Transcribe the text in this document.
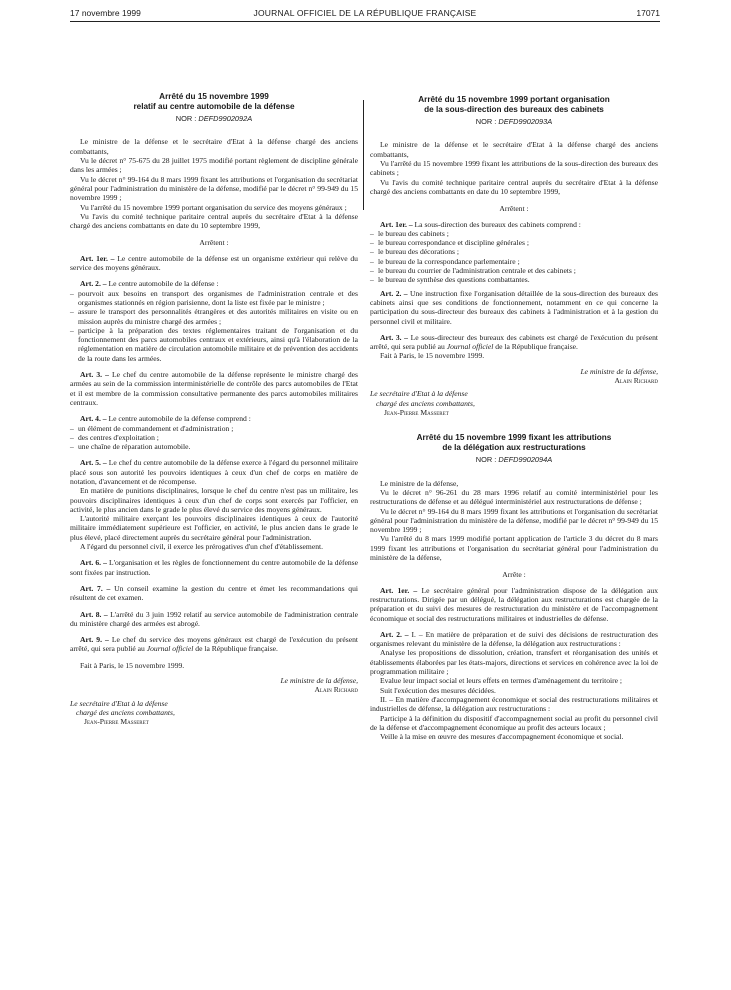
17 novembre 1999	JOURNAL OFFICIEL DE LA RÉPUBLIQUE FRANÇAISE	17071
Arrêté du 15 novembre 1999
relatif au centre automobile de la défense
NOR : DEFD9902092A

Le ministre de la défense et le secrétaire d'Etat à la défense chargé des anciens combattants,

Vu le décret n° 75-675 du 28 juillet 1975 modifié portant règlement de discipline générale dans les armées ;

Vu le décret n° 99-164 du 8 mars 1999 fixant les attributions et l'organisation du secrétariat général pour l'administration du ministère de la défense, modifié par le décret n° 99-949 du 15 novembre 1999 ;

Vu l'arrêté du 15 novembre 1999 portant organisation du service des moyens généraux ;

Vu l'avis du comité technique paritaire central auprès du secrétaire d'Etat à la défense chargé des anciens combattants en date du 10 septembre 1999,

Arrêtent :

Art. 1er. – Le centre automobile de la défense est un organisme extérieur qui relève du service des moyens généraux.

Art. 2. – Le centre automobile de la défense :

– pourvoit aux besoins en transport des organismes de l'administration centrale et des organismes stationnés en région parisienne, dont la liste est fixée par le ministre ;
– assure le transport des personnalités étrangères et des autorités militaires en visite ou en mission auprès du ministre chargé des armées ;
– participe à la préparation des textes réglementaires traitant de l'organisation et du fonctionnement des parcs automobiles centraux et extérieurs, ainsi qu'à l'élaboration de la réglementation en matière de circulation automobile militaire et de prévention des accidents de la route dans les armées.

Art. 3. – Le chef du centre automobile de la défense représente le ministre chargé des armées au sein de la commission interministérielle de contrôle des parcs automobiles de l'Etat et il est membre de la commission consultative permanente des parcs automobiles militaires centraux.

Art. 4. – Le centre automobile de la défense comprend :

– un élément de commandement et d'administration ;
– des centres d'exploitation ;
– une chaîne de réparation automobile.

Art. 5. – Le chef du centre automobile de la défense exerce à l'égard du personnel militaire placé sous son autorité les pouvoirs identiques à ceux d'un chef de corps en matière de notation, d'avancement et de récompense.

En matière de punitions disciplinaires, lorsque le chef du centre n'est pas un militaire, les pouvoirs disciplinaires identiques à ceux d'un chef de corps sont exercés par l'officier, en activité, le plus ancien dans le grade le plus élevé du service des moyens généraux.

L'autorité militaire exerçant les pouvoirs disciplinaires identiques à ceux de l'autorité militaire immédiatement supérieure est l'officier, en activité, le plus ancien dans le grade le plus élevé, placé directement auprès du secrétaire général pour l'administration.

A l'égard du personnel civil, il exerce les prérogatives d'un chef d'établissement.

Art. 6. – L'organisation et les règles de fonctionnement du centre automobile de la défense sont fixées par instruction.

Art. 7. – Un conseil examine la gestion du centre et émet les recommandations qui résultent de cet examen.

Art. 8. – L'arrêté du 3 juin 1992 relatif au service automobile de l'administration centrale du ministère chargé des armées est abrogé.

Art. 9. – Le chef du service des moyens généraux est chargé de l'exécution du présent arrêté, qui sera publié au Journal officiel de la République française.

Fait à Paris, le 15 novembre 1999.

Le ministre de la défense,
Alain Richard
Le secrétaire d'Etat à la défense
chargé des anciens combattants,
Jean-Pierre Masseret
Arrêté du 15 novembre 1999 portant organisation
de la sous-direction des bureaux des cabinets
NOR : DEFD9902093A

Le ministre de la défense et le secrétaire d'Etat à la défense chargé des anciens combattants,

Vu l'arrêté du 15 novembre 1999 fixant les attributions de la sous-direction des bureaux des cabinets ;

Vu l'avis du comité technique paritaire central auprès du secrétaire d'Etat à la défense chargé des anciens combattants en date du 10 septembre 1999,

Arrêtent :

Art. 1er. – La sous-direction des bureaux des cabinets comprend :

– le bureau des cabinets ;
– le bureau correspondance et discipline générales ;
– le bureau des décorations ;
– le bureau de la correspondance parlementaire ;
– le bureau du courrier de l'administration centrale et des cabinets ;
– le bureau de synthèse des questions combattantes.

Art. 2. – Une instruction fixe l'organisation détaillée de la sous-direction des bureaux des cabinets ainsi que ses conditions de fonctionnement, notamment en ce qui concerne la participation du sous-directeur des bureaux des cabinets à l'administration et à la gestion du personnel civil et militaire.

Art. 3. – Le sous-directeur des bureaux des cabinets est chargé de l'exécution du présent arrêté, qui sera publié au Journal officiel de la République française.

Fait à Paris, le 15 novembre 1999.

Le ministre de la défense,
Alain Richard
Le secrétaire d'Etat à la défense
chargé des anciens combattants,
Jean-Pierre Masseret
Arrêté du 15 novembre 1999 fixant les attributions
de la délégation aux restructurations
NOR : DEFD9902094A

Le ministre de la défense,

Vu le décret n° 96-261 du 28 mars 1996 relatif au comité interministériel pour les restructurations de défense et au délégué interministériel aux restructurations de défense ;

Vu le décret n° 99-164 du 8 mars 1999 fixant les attributions et l'organisation du secrétariat général pour l'administration du ministère de la défense, modifié par le décret n° 99-949 du 15 novembre 1999 ;

Vu l'arrêté du 8 mars 1999 modifié portant application de l'article 3 du décret du 8 mars 1999 fixant les attributions et l'organisation du secrétariat général pour l'administration du ministère de la défense,

Arrête :

Art. 1er. – Le secrétaire général pour l'administration dispose de la délégation aux restructurations. Dirigée par un délégué, la délégation aux restructurations est chargée de la préparation et du suivi des mesures de restructuration du ministère et de l'accompagnement économique et social des restructurations militaires et industrielles de défense.

Art. 2. – I. – En matière de préparation et de suivi des décisions de restructuration des organismes relevant du ministère de la défense, la délégation aux restructurations :

Analyse les propositions de dissolution, création, transfert et réorganisation des unités et établissements élaborées par les états-majors, directions et services en cohérence avec la loi de programmation militaire ;

Evalue leur impact social et leurs effets en termes d'aménagement du territoire ;

Suit l'exécution des mesures décidées.

II. – En matière d'accompagnement économique et social des restructurations militaires et industrielles de défense, la délégation aux restructurations :

Participe à la définition du dispositif d'accompagnement social au profit du personnel civil de la défense et d'accompagnement économique au profit des acteurs locaux ;

Veille à la mise en œuvre des mesures d'accompagnement économique et social.
